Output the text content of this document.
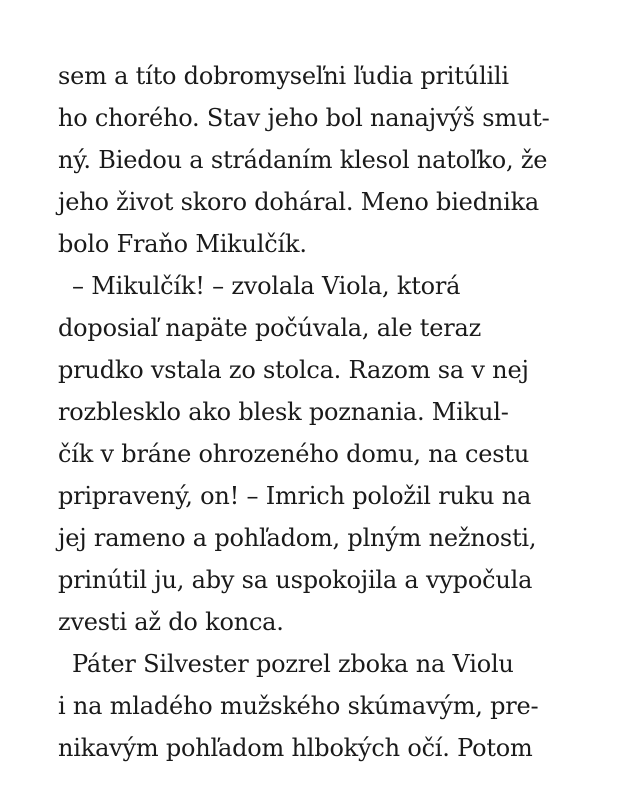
sem a títo dobromyseľni ľudia pritúlili
ho chorého. Stav jeho bol nanajvýš smut-
ný. Biedou a strádaním klesol natoľko, že
jeho život skoro doháral. Meno biednika
bolo Fraňo Mikulčík.
– Mikulčík! – zvolala Viola, ktorá
doposiaľ napäte počúvala, ale teraz
prudko vstala zo stolca. Razom sa v nej
rozblesklo ako blesk poznania. Mikul-
čík v bráne ohrozeného domu, na cestu
pripravený, on! – Imrich položil ruku na
jej rameno a pohľadom, plným nežnosti,
prinútil ju, aby sa uspokojila a vypočula
zvesti až do konca.
Páter Silvester pozrel zboka na Violu
i na mladého mužského skúmavým, pre-
nikavým pohľadom hlbokých očí. Potom
